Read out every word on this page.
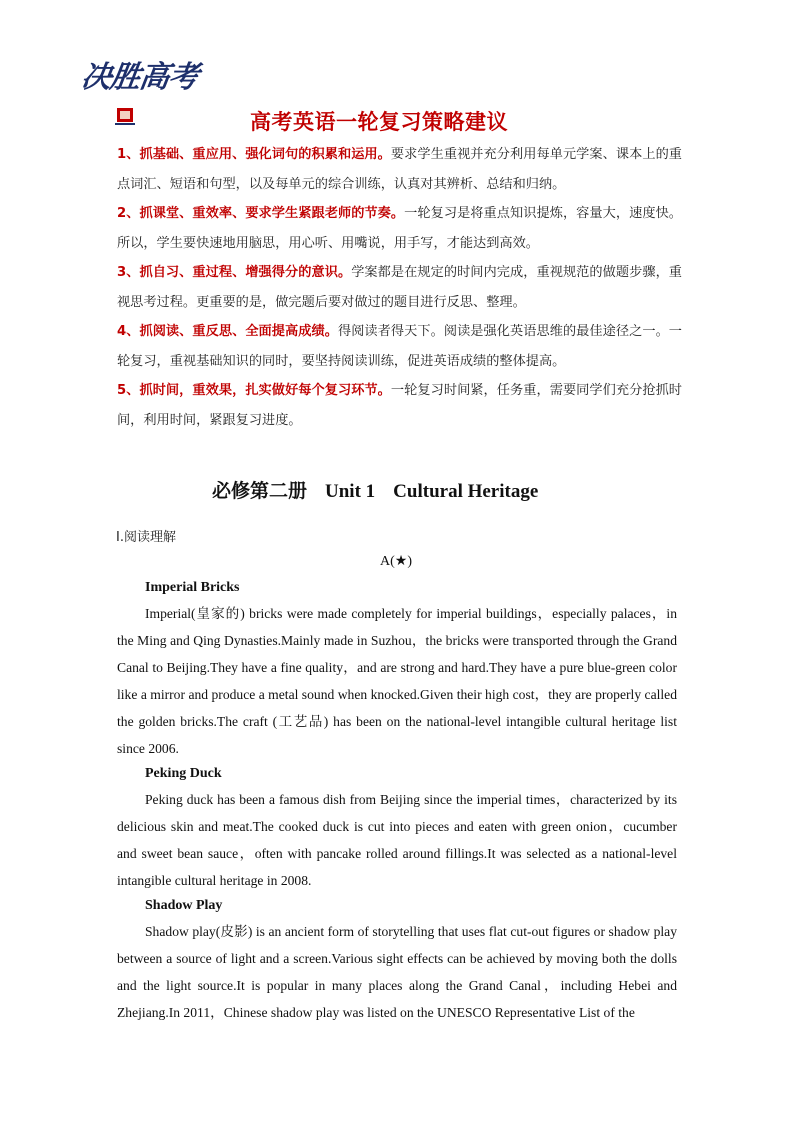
决胜高考
高考英语一轮复习策略建议
1、抓基础、重应用、强化词句的积累和运用。要求学生重视并充分利用每单元学案、课本上的重点词汇、短语和句型，以及每单元的综合训练，认真对其辨析、总结和归纳。
2、抓课堂、重效率、要求学生紧跟老师的节奏。一轮复习是将重点知识提炼，容量大，速度快。所以，学生要快速地用脑思，用心听、用嘴说，用手写，才能达到高效。
3、抓自习、重过程、增强得分的意识。学案都是在规定的时间内完成，重视规范的做题步骤，重视思考过程。更重要的是，做完题后要对做过的题目进行反思、整理。
4、抓阅读、重反思、全面提高成绩。得阅读者得天下。阅读是强化英语思维的最佳途径之一。一轮复习，重视基础知识的同时，要坚持阅读训练，促进英语成绩的整体提高。
5、抓时间，重效果，扎实做好每个复习环节。一轮复习时间紧，任务重，需要同学们充分抢抓时间，利用时间，紧跟复习进度。
必修第二册 Unit 1 Cultural Heritage
Ⅰ.阅读理解
A(★)
Imperial Bricks

Imperial(皇家的) bricks were made completely for imperial buildings，especially palaces，in the Ming and Qing Dynasties.Mainly made in Suzhou，the bricks were transported through the Grand Canal to Beijing.They have a fine quality，and are strong and hard.They have a pure blue-green color like a mirror and produce a metal sound when knocked.Given their high cost，they are properly called the golden bricks.The craft (工艺品) has been on the national-level intangible cultural heritage list since 2006.

Peking Duck

Peking duck has been a famous dish from Beijing since the imperial times，characterized by its delicious skin and meat.The cooked duck is cut into pieces and eaten with green onion，cucumber and sweet bean sauce，often with pancake rolled around fillings.It was selected as a national-level intangible cultural heritage in 2008.

Shadow Play

Shadow play(皮影) is an ancient form of storytelling that uses flat cut-out figures or shadow play between a source of light and a screen.Various sight effects can be achieved by moving both the dolls and the light source.It is popular in many places along the Grand Canal，including Hebei and Zhejiang.In 2011，Chinese shadow play was listed on the UNESCO Representative List of the
